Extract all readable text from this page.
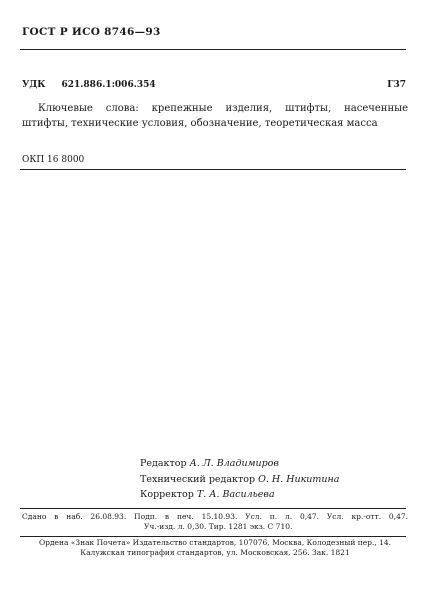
ГОСТ Р ИСО 8746—93
УДК 621.886.1:006.354	Г37
Ключевые слова: крепежные изделия, штифты, насеченные штифты, технические условия, обозначение, теоретическая масса
ОКП 16 8000
Редактор А. Л. Владимиров
Технический редактор О. Н. Никитина
Корректор Т. А. Васильева
Сдано в наб. 26.08.93. Подп. в печ. 15.10.93. Усл. п. л. 0,47. Усл. кр.-отт. 0,47.
Уч.-изд. л. 0,30. Тир. 1281 экз. С 710.
Ордена «Знак Почета» Издательство стандартов, 107076, Москва, Колодезный пер., 14.
Калужская типография стандартов, ул. Московская, 256. Зак. 1821
